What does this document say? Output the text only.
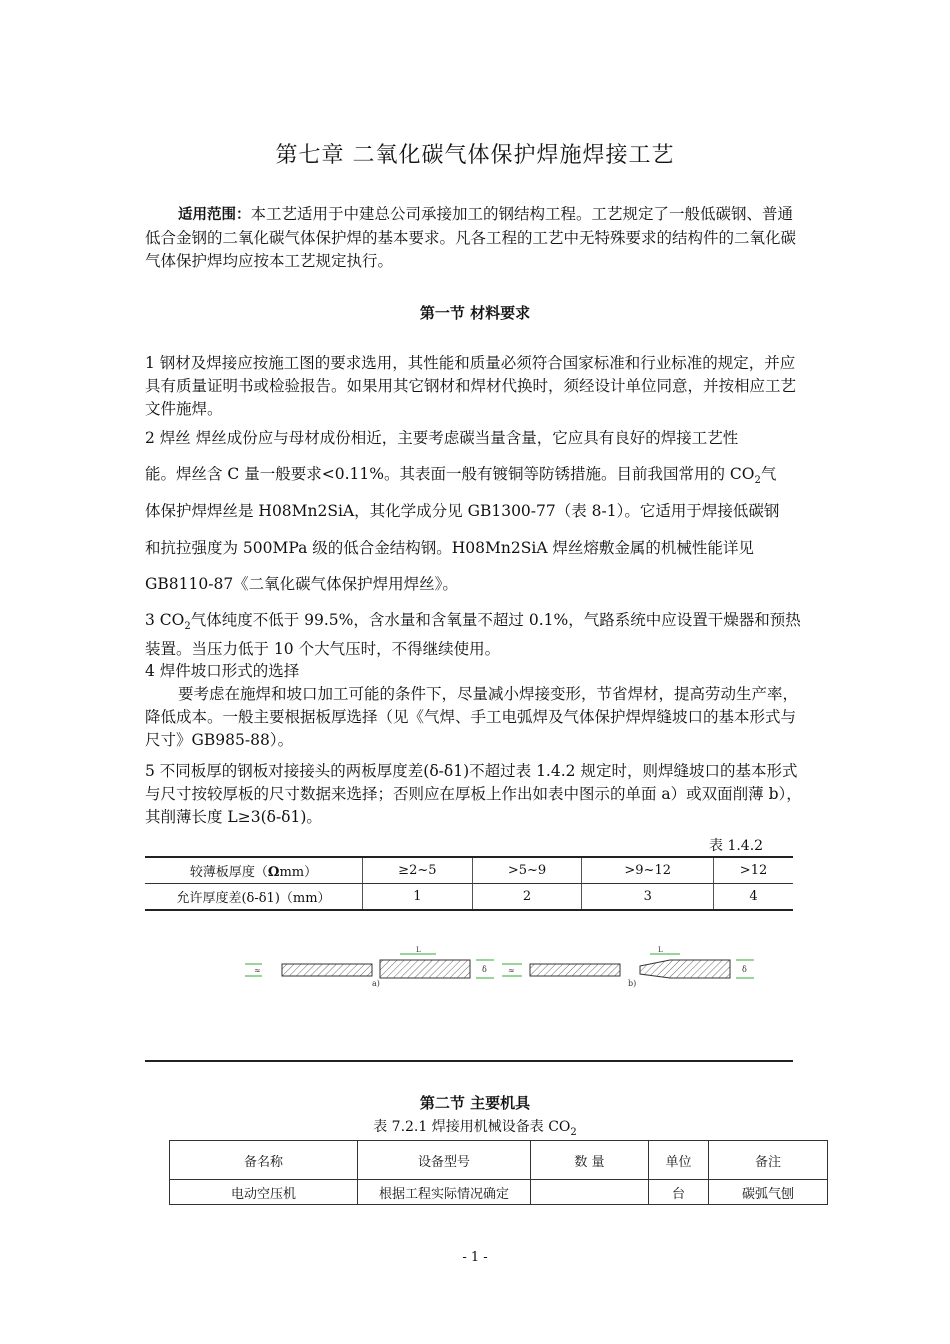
第七章 二氧化碳气体保护焊施焊接工艺
适用范围：本工艺适用于中建总公司承接加工的钢结构工程。工艺规定了一般低碳钢、普通低合金钢的二氧化碳气体保护焊的基本要求。凡各工程的工艺中无特殊要求的结构件的二氧化碳气体保护焊均应按本工艺规定执行。
第一节 材料要求
1 钢材及焊接应按施工图的要求选用，其性能和质量必须符合国家标准和行业标准的规定，并应具有质量证明书或检验报告。如果用其它钢材和焊材代换时，须经设计单位同意，并按相应工艺文件施焊。
2 焊丝 焊丝成份应与母材成份相近，主要考虑碳当量含量，它应具有良好的焊接工艺性
能。焊丝含 C 量一般要求<0.11%。其表面一般有镀铜等防锈措施。目前我国常用的 $CO_2$气
体保护焊焊丝是 H08Mn2SiA，其化学成分见 GB1300-77（表 8-1）。它适用于焊接低碳钢
和抗拉强度为 500MPa 级的低合金结构钢。H08Mn2SiA 焊丝熔敷金属的机械性能详见
GB8110-87《二氧化碳气体保护焊用焊丝》。
3 $CO_2$气体纯度不低于 99.5%，含水量和含氧量不超过 0.1%，气路系统中应设置干燥器和预热装置。当压力低于 10 个大气压时，不得继续使用。
4 焊件坡口形式的选择
要考虑在施焊和坡口加工可能的条件下，尽量减小焊接变形，节省焊材，提高劳动生产率，降低成本。一般主要根据板厚选择（见《气焊、手工电弧焊及气体保护焊焊缝坡口的基本形式与尺寸》GB985-88）。
5 不同板厚的钢板对接接头的两板厚度差(δ-δ1)不超过表 1.4.2 规定时，则焊缝坡口的基本形式与尺寸按较厚板的尺寸数据来选择；否则应在厚板上作出如表中图示的单面 a）或双面削薄 b），其削薄长度 L≥3(δ-δ1)。
表 1.4.2
较薄板厚度（Ωmm）	≥2~5	>5~9	>9~12	>12
允许厚度差(δ-δ1)（mm）	1	2	3	4
≈	δ
a)
L
≈	δ
b)
L
第二节 主要机具
表 7.2.1 焊接用机械设备表 $CO_2$
备名称	设备型号	数 量	单位	备注
电动空压机	根据工程实际情况确定		台	碳弧气刨
- 1 -
